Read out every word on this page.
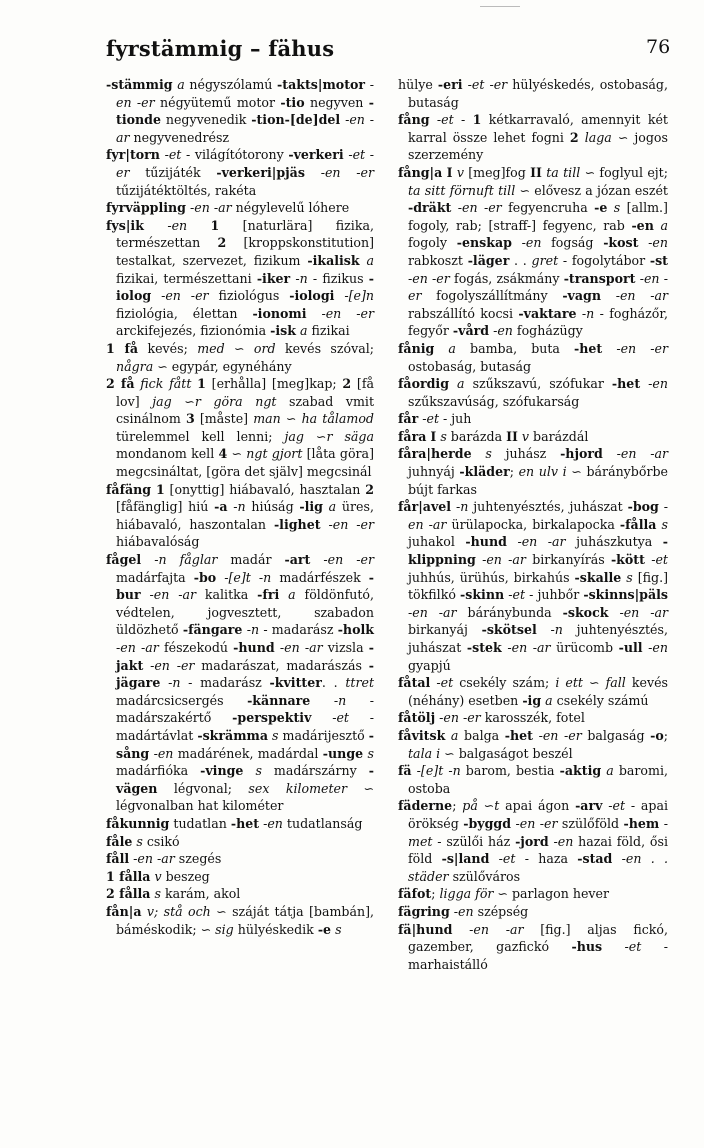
fyrstämmig – fähus	76

-stämmig a négyszólamú -takts|motor -en -er négyütemű motor -tio negyven -tionde negyvenedik -tion-[de]del -en -ar negyvenedrész

fyr|torn -et - világítótorony -verkeri -et -er tűzijáték -verkeri|pjäs -en -er tűzijátéktöltés, rakéta

fyrväppling -en -ar négylevelű lóhere

fys|ik -en 1 [naturlära] fizika, természettan 2 [kroppskonstitution] testalkat, szervezet, fizikum -ikalisk a fizikai, természettani -iker -n - fizikus -iolog -en -er fiziológus -iologi -[e]n fiziológia, élettan -ionomi -en -er arckifejezés, fizionómia -isk a fizikai

1 få kevés; med ∽ ord kevés szóval; några ∽ egypár, egynéhány

2 få fick fått 1 [erhålla] [meg]kap; 2 [få lov] jag ∽r göra ngt szabad vmit csinálnom 3 [måste] man ∽ ha tålamod türelemmel kell lenni; jag ∽r säga mondanom kell 4 ∽ ngt gjort [låta göra] megcsináltat, [göra det själv] megcsinál

fåfäng 1 [onyttig] hiábavaló, hasztalan 2 [fåfänglig] hiú -a -n hiúság -lig a üres, hiábavaló, haszontalan -lighet -en -er hiábavalóság

fågel -n fåglar madár -art -en -er madárfajta -bo -[e]t -n madárfészek -bur -en -ar kalitka -fri a földönfutó, védtelen, jogvesztett, szabadon üldözhető -fängare -n - madarász -holk -en -ar fészekodú -hund -en -ar vizsla -jakt -en -er madarászat, madarászás -jägare -n - madarász -kvitter. . ttret madárcsicsergés -kännare -n - madárszakértő -perspektiv -et - madártávlat -skrämma s madárijesztő -sång -en madárének, madárdal -unge s madárfióka -vinge s madárszárny -vägen légvonal; sex kilometer ∽ légvonalban hat kilométer

fåkunnig tudatlan -het -en tudatlanság

fåle s csikó

fåll -en -ar szegés

1 fålla v beszeg

2 fålla s karám, akol

fån|a v; stå och ∽ száját tátja [bambán], báméskodik; ∽ sig hülyéskedik -e s

hülye -eri -et -er hülyéskedés, ostobaság, butaság

fång -et - 1 kétkarravaló, amennyit két karral össze lehet fogni 2 laga ∽ jogos szerzemény

fång|a I v [meg]fog II ta till ∽ foglyul ejt; ta sitt förnuft till ∽ elővesz a józan eszét -dräkt -en -er fegyencruha -e s [allm.] fogoly, rab; [straff-] fegyenc, rab -en a fogoly -enskap -en fogság -kost -en rabkoszt -läger . . gret - fogolytábor -st -en -er fogás, zsákmány -transport -en -er fogolyszállítmány -vagn -en -ar rabszállító kocsi -vaktare -n - fogházőr, fegyőr -vård -en fogházügy

fånig a bamba, buta -het -en -er ostobaság, butaság

fåordig a szűkszavú, szófukar -het -en szűkszavúság, szófukarság

får -et - juh

fåra I s barázda II v barázdál

fåra|herde s juhász -hjord -en -ar juhnyáj -kläder; en ulv i ∽ báránybőrbe bújt farkas

får|avel -n juhtenyésztés, juhászat -bog -en -ar ürülapocka, birkalapocka -fålla s juhakol -hund -en -ar juhászkutya -klippning -en -ar birkanyírás -kött -et juhhús, ürühús, birkahús -skalle s [fig.] tökfilkó -skinn -et - juhbőr -skinns|päls -en -ar báránybunda -skock -en -ar birkanyáj -skötsel -n juhtenyésztés, juhászat -stek -en -ar ürücomb -ull -en gyapjú

fåtal -et csekély szám; i ett ∽ fall kevés (néhány) esetben -ig a csekély számú

fåtölj -en -er karosszék, fotel

fåvitsk a balga -het -en -er balgaság -o; tala i ∽ balgaságot beszél

fä -[e]t -n barom, bestia -aktig a baromi, ostoba

fäderne; på ∽t apai ágon -arv -et - apai örökség -byggd -en -er szülőföld -hem -met - szülői ház -jord -en hazai föld, ősi föld -s|land -et - haza -stad -en . . städer szülőváros

fäfot; ligga för ∽ parlagon hever

fägring -en szépség

fä|hund -en -ar [fig.] aljas fickó, gazember, gazfickó -hus -et - marhaistálló
